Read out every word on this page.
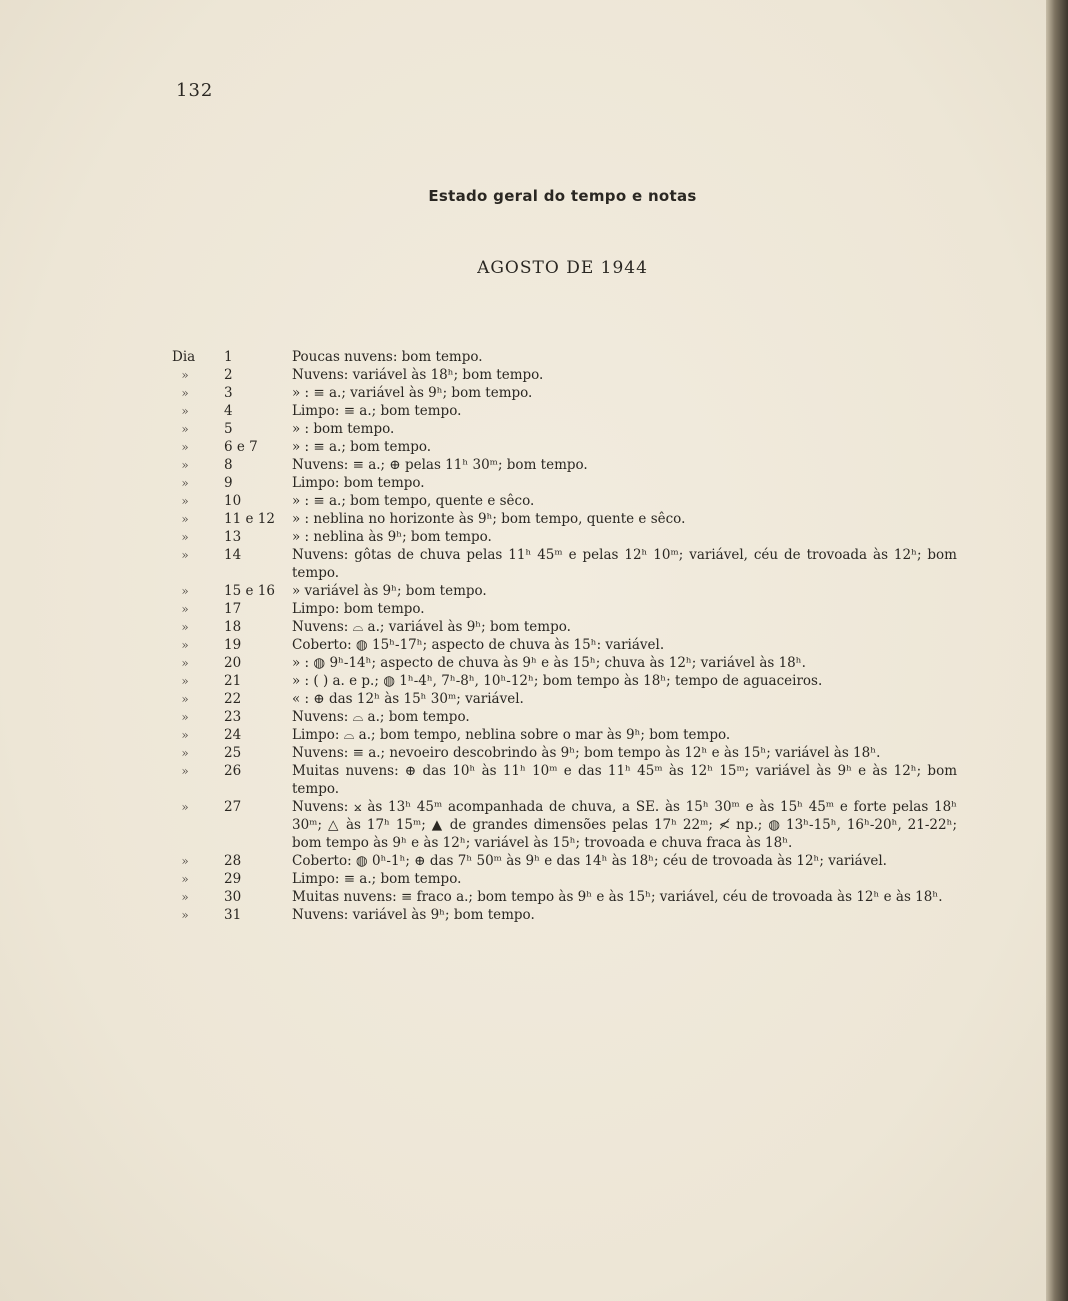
132
Estado geral do tempo e notas
AGOSTO DE 1944
Dia 1	Poucas nuvens: bom tempo.
»	2	Nuvens: variável às 18ʰ; bom tempo.
»	3	» : ≡ a.; variável às 9ʰ; bom tempo.
»	4	Limpo: ≡ a.; bom tempo.
»	5	» : bom tempo.
»	6 e 7	» : ≡ a.; bom tempo.
»	8	Nuvens: ≡ a.; ⊕ pelas 11ʰ 30ᵐ; bom tempo.
»	9	Limpo: bom tempo.
»	10	» : ≡ a.; bom tempo, quente e sêco.
»	11 e 12	» : neblina no horizonte às 9ʰ; bom tempo, quente e sêco.
»	13	» : neblina às 9ʰ; bom tempo.
»	14	Nuvens: gôtas de chuva pelas 11ʰ 45ᵐ e pelas 12ʰ 10ᵐ; variável, céu de trovoada às 12ʰ; bom tempo.
»	15 e 16	» variável às 9ʰ; bom tempo.
»	17	Limpo: bom tempo.
»	18	Nuvens: ⌓ a.; variável às 9ʰ; bom tempo.
»	19	Coberto: ◍ 15ʰ-17ʰ; aspecto de chuva às 15ʰ: variável.
»	20	» : ◍ 9ʰ-14ʰ; aspecto de chuva às 9ʰ e às 15ʰ; chuva às 12ʰ; variável às 18ʰ.
»	21	» : ( ) a. e p.; ◍ 1ʰ-4ʰ, 7ʰ-8ʰ, 10ʰ-12ʰ; bom tempo às 18ʰ; tempo de aguaceiros.
»	22	« : ⊕ das 12ʰ às 15ʰ 30ᵐ; variável.
»	23	Nuvens: ⌓ a.; bom tempo.
»	24	Limpo: ⌓ a.; bom tempo, neblina sobre o mar às 9ʰ; bom tempo.
»	25	Nuvens: ≡ a.; nevoeiro descobrindo às 9ʰ; bom tempo às 12ʰ e às 15ʰ; variável às 18ʰ.
»	26	Muitas nuvens: ⊕ das 10ʰ às 11ʰ 10ᵐ e das 11ʰ 45ᵐ às 12ʰ 15ᵐ; variável às 9ʰ e às 12ʰ; bom tempo.
»	27	Nuvens: ⨲ às 13ʰ 45ᵐ acompanhada de chuva, a SE. às 15ʰ 30ᵐ e às 15ʰ 45ᵐ e forte pelas 18ʰ 30ᵐ; △ às 17ʰ 15ᵐ; ▲ de grandes dimensões pelas 17ʰ 22ᵐ; ≮ np.; ◍ 13ʰ-15ʰ, 16ʰ-20ʰ, 21-22ʰ; bom tempo às 9ʰ e às 12ʰ; variável às 15ʰ; trovoada e chuva fraca às 18ʰ.
»	28	Coberto: ◍ 0ʰ-1ʰ; ⊕ das 7ʰ 50ᵐ às 9ʰ e das 14ʰ às 18ʰ; céu de trovoada às 12ʰ; variável.
»	29	Limpo: ≡ a.; bom tempo.
»	30	Muitas nuvens: ≡ fraco a.; bom tempo às 9ʰ e às 15ʰ; variável, céu de trovoada às 12ʰ e às 18ʰ.
»	31	Nuvens: variável às 9ʰ; bom tempo.
